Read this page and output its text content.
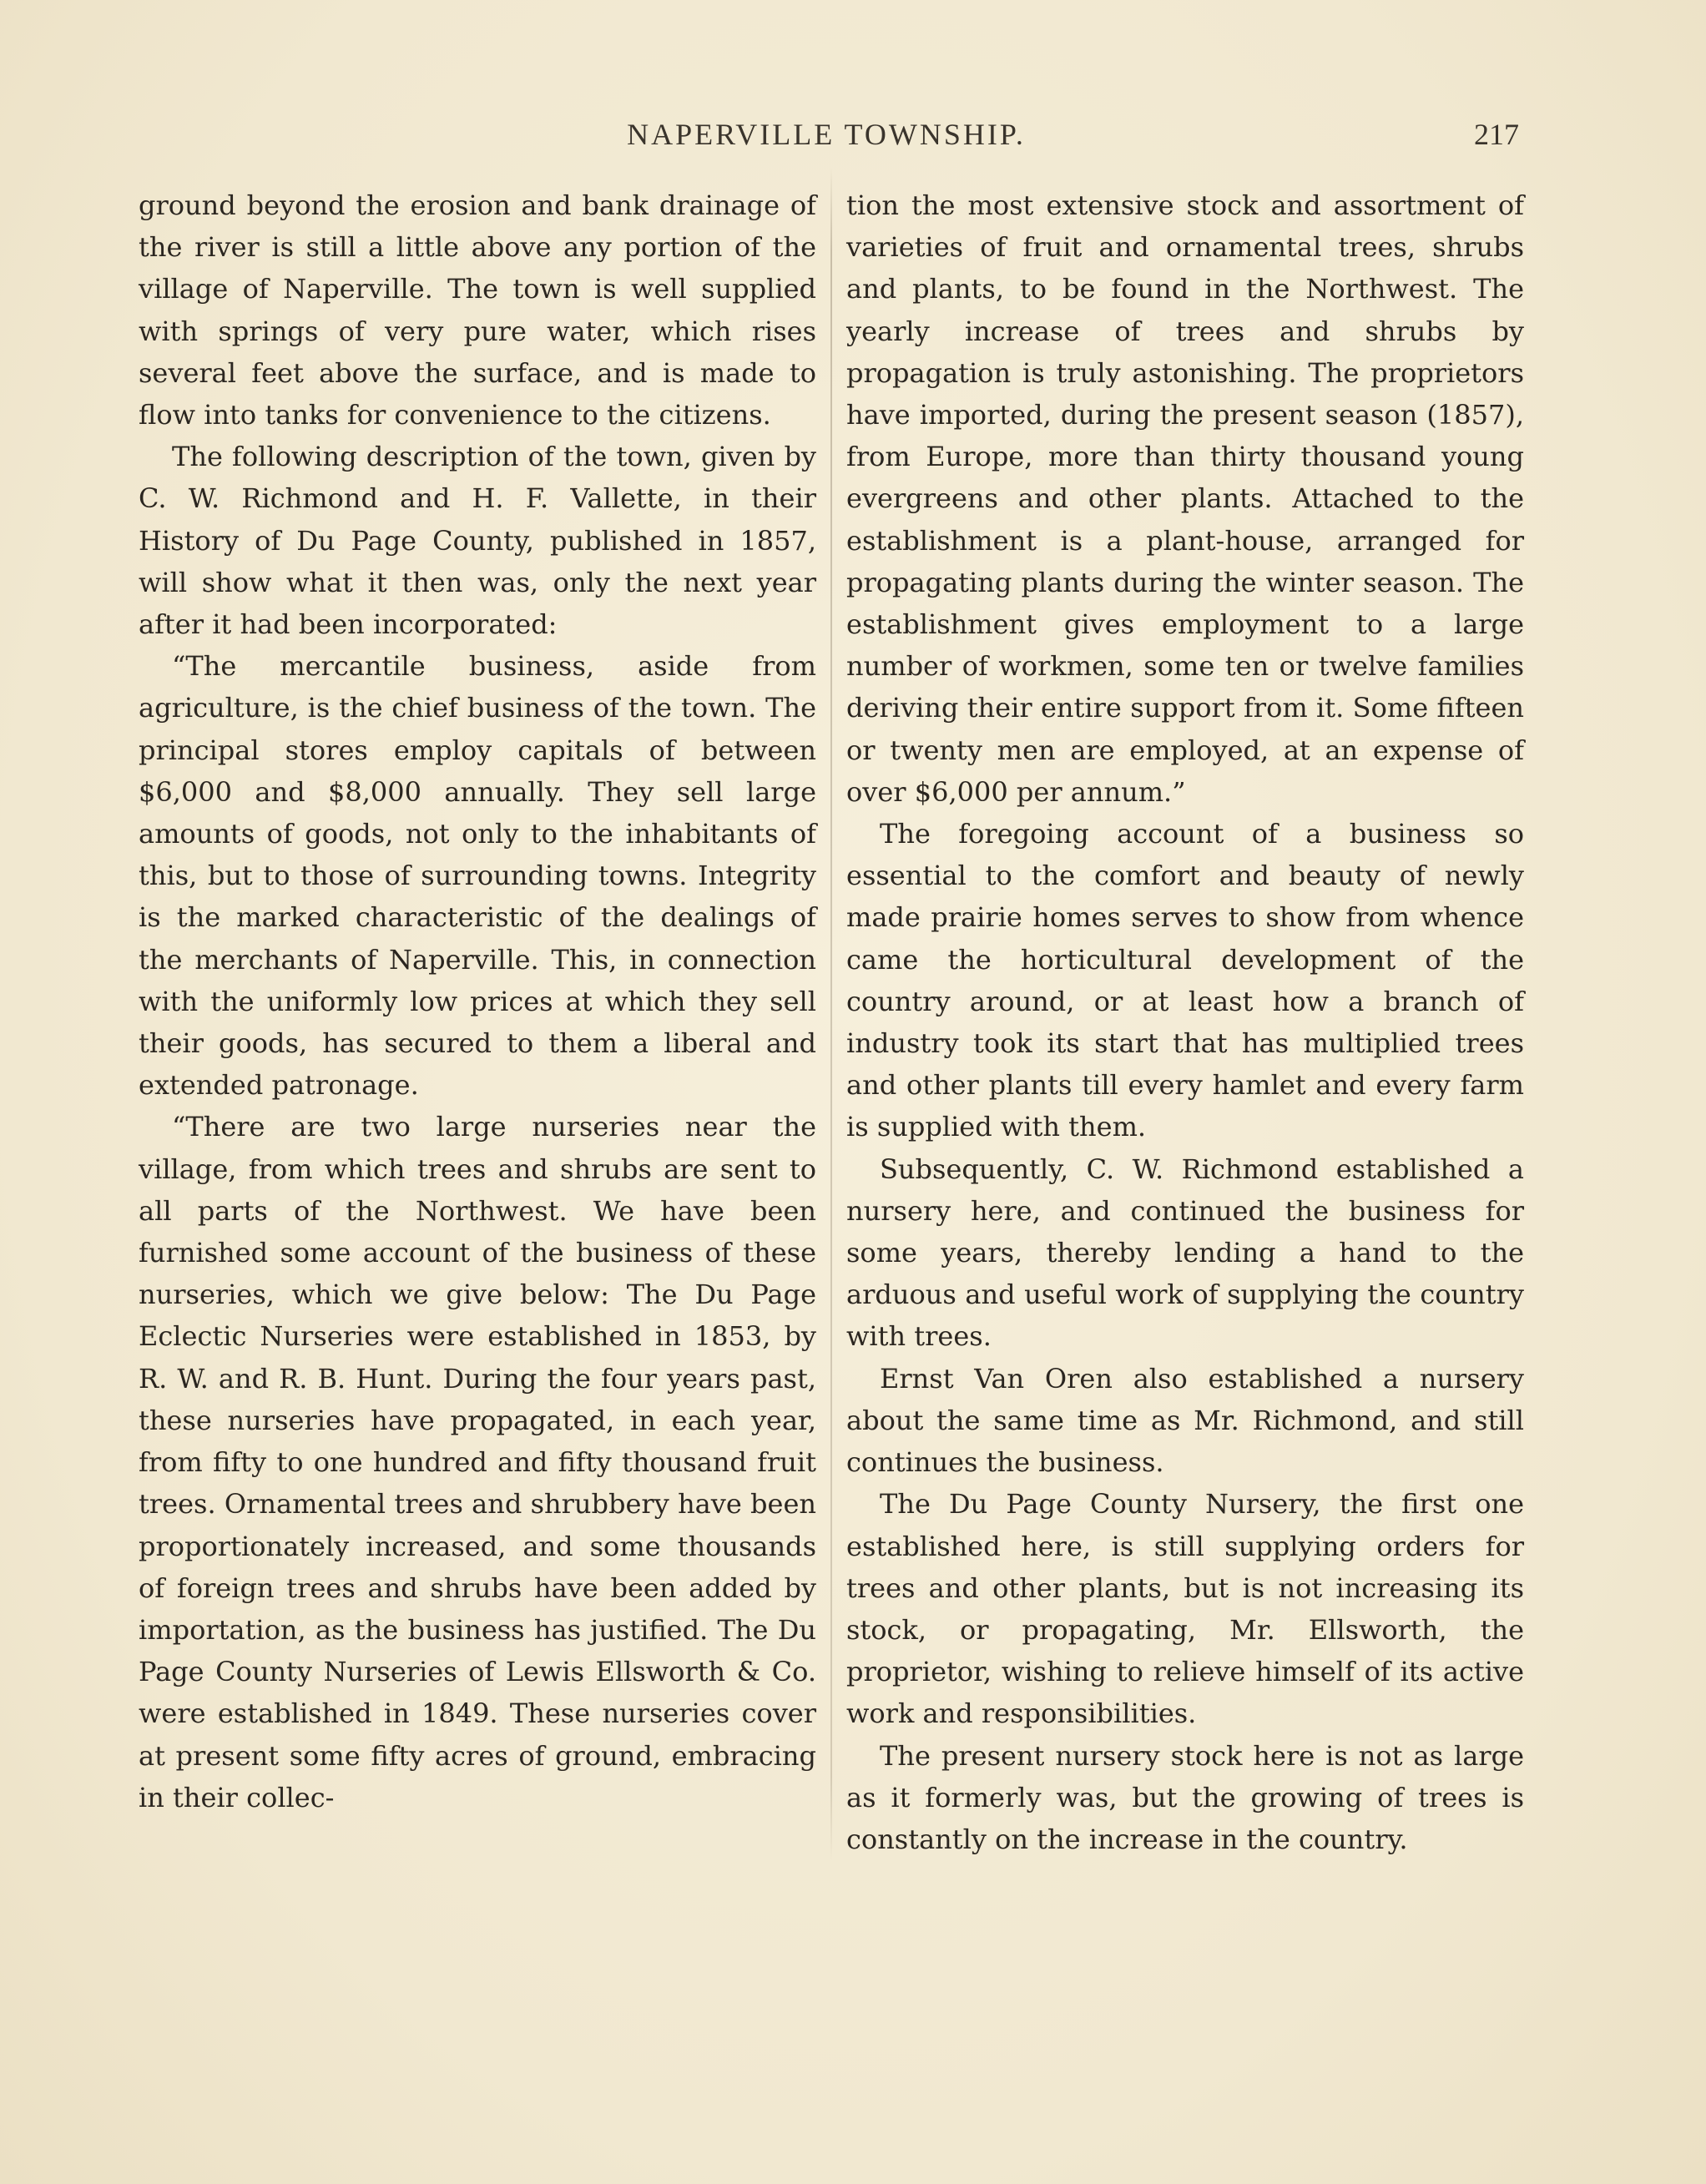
NAPERVILLE TOWNSHIP.	217

ground beyond the erosion and bank drainage of the river is still a little above any portion of the village of Naperville. The town is well supplied with springs of very pure water, which rises several feet above the surface, and is made to flow into tanks for convenience to the citizens.

The following description of the town, given by C. W. Richmond and H. F. Vallette, in their History of Du Page County, published in 1857, will show what it then was, only the next year after it had been incorporated:

“The mercantile business, aside from agriculture, is the chief business of the town. The principal stores employ capitals of between $6,000 and $8,000 annually. They sell large amounts of goods, not only to the inhabitants of this, but to those of surrounding towns. Integrity is the marked characteristic of the dealings of the merchants of Naperville. This, in connection with the uniformly low prices at which they sell their goods, has secured to them a liberal and extended patronage.

“There are two large nurseries near the village, from which trees and shrubs are sent to all parts of the Northwest. We have been furnished some account of the business of these nurseries, which we give below: The Du Page Eclectic Nurseries were established in 1853, by R. W. and R. B. Hunt. During the four years past, these nurseries have propagated, in each year, from fifty to one hundred and fifty thousand fruit trees. Ornamental trees and shrubbery have been proportionately increased, and some thousands of foreign trees and shrubs have been added by importation, as the business has justified. The Du Page County Nurseries of Lewis Ellsworth & Co. were established in 1849. These nurseries cover at present some fifty acres of ground, embracing in their collec-

tion the most extensive stock and assortment of varieties of fruit and ornamental trees, shrubs and plants, to be found in the Northwest. The yearly increase of trees and shrubs by propagation is truly astonishing. The proprietors have imported, during the present season (1857), from Europe, more than thirty thousand young evergreens and other plants. Attached to the establishment is a plant-house, arranged for propagating plants during the winter season. The establishment gives employment to a large number of workmen, some ten or twelve families deriving their entire support from it. Some fifteen or twenty men are employed, at an expense of over $6,000 per annum.”

The foregoing account of a business so essential to the comfort and beauty of newly made prairie homes serves to show from whence came the horticultural development of the country around, or at least how a branch of industry took its start that has multiplied trees and other plants till every hamlet and every farm is supplied with them.

Subsequently, C. W. Richmond established a nursery here, and continued the business for some years, thereby lending a hand to the arduous and useful work of supplying the country with trees.

Ernst Van Oren also established a nursery about the same time as Mr. Richmond, and still continues the business.

The Du Page County Nursery, the first one established here, is still supplying orders for trees and other plants, but is not increasing its stock, or propagating, Mr. Ellsworth, the proprietor, wishing to relieve himself of its active work and responsibilities.

The present nursery stock here is not as large as it formerly was, but the growing of trees is constantly on the increase in the country.
